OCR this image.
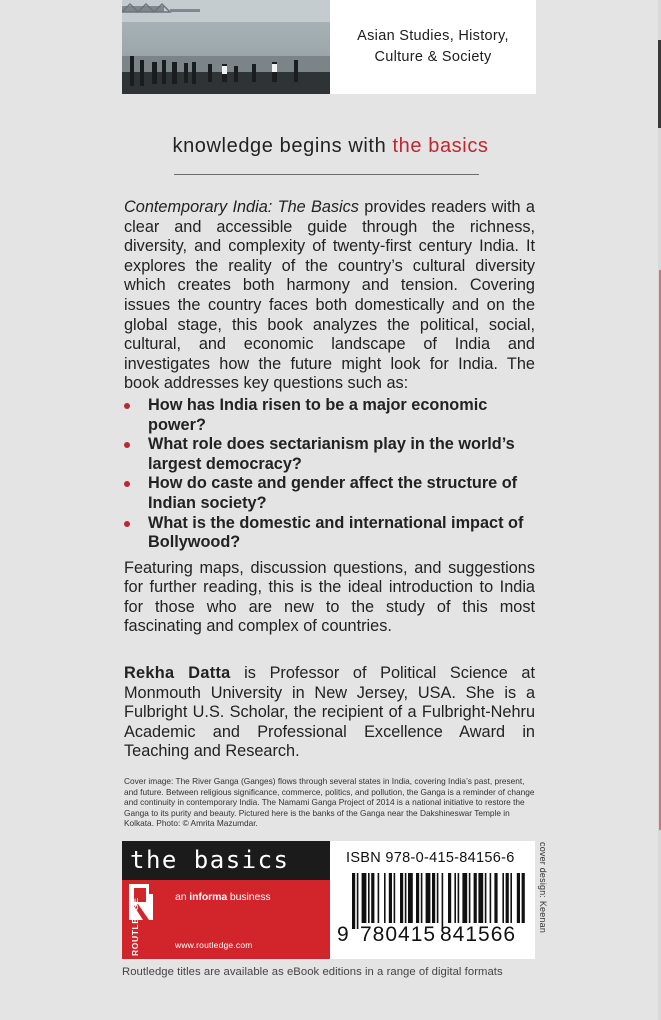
Asian Studies, History,
Culture & Society
knowledge begins with the basics

Contemporary India: The Basics provides readers with a clear and accessible guide through the richness, diversity, and complexity of twenty-first century India. It explores the reality of the country’s cultural diversity which creates both harmony and tension. Covering issues the country faces both domestically and on the global stage, this book analyzes the political, social, cultural, and economic landscape of India and investigates how the future might look for India. The book addresses key questions such as:

How has India risen to be a major economic power?
What role does sectarianism play in the world’s largest democracy?
How do caste and gender affect the structure of Indian society?
What is the domestic and international impact of Bollywood?

Featuring maps, discussion questions, and suggestions for further reading, this is the ideal introduction to India for those who are new to the study of this most fascinating and complex of countries.

Rekha Datta is Professor of Political Science at Monmouth University in New Jersey, USA. She is a Fulbright U.S. Scholar, the recipient of a Fulbright-Nehru Academic and Professional Excellence Award in Teaching and Research.
Cover image: The River Ganga (Ganges) flows through several states in India, covering India’s past, present, and future. Between religious significance, commerce, politics, and pollution, the Ganga is a reminder of change and continuity in contemporary India. The Namami Ganga Project of 2014 is a national initiative to restore the Ganga to its purity and beauty. Pictured here is the banks of the Ganga near the Dakshineswar Temple in Kolkata. Photo: © Amrita Mazumdar.
the basics
ROUTLEDGE
an informa business
www.routledge.com
ISBN 978-0-415-84156-6
9 780415 841566
cover design: Keenan
Routledge titles are available as eBook editions in a range of digital formats
